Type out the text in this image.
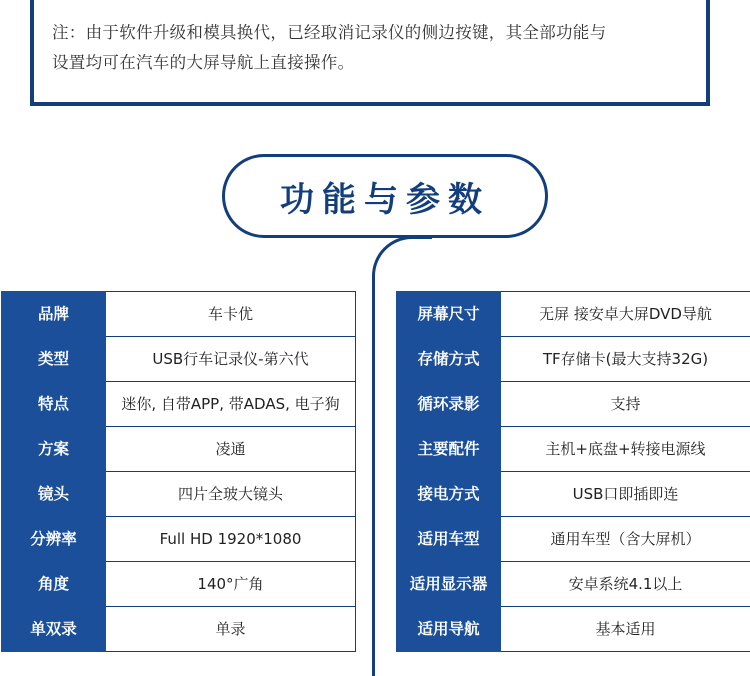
注：由于软件升级和模具换代，已经取消记录仪的侧边按键，其全部功能与
设置均可在汽车的大屏导航上直接操作。
功能与参数
品牌	车卡优
类型	USB行车记录仪-第六代
特点	迷你, 自带APP, 带ADAS, 电子狗
方案	凌通
镜头	四片全玻大镜头
分辨率	Full HD 1920*1080
角度	140°广角
单双录	单录
屏幕尺寸	无屏 接安卓大屏DVD导航
存储方式	TF存储卡(最大支持32G)
循环录影	支持
主要配件	主机+底盘+转接电源线
接电方式	USB口即插即连
适用车型	通用车型（含大屏机）
适用显示器	安卓系统4.1以上
适用导航	基本适用
